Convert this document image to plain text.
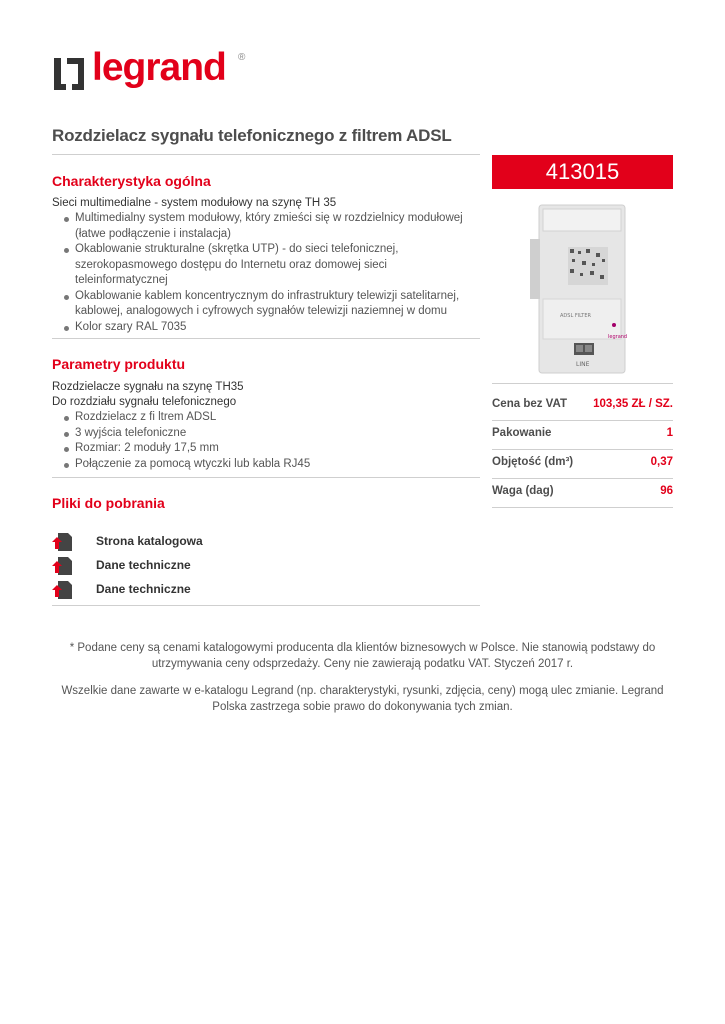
legrand ®
Rozdzielacz sygnału telefonicznego z filtrem ADSL
413015
ADSL FILTER
legrand
LINE
Charakterystyka ogólna
Sieci multimedialne - system modułowy na szynę TH 35
Multimedialny system modułowy, który zmieści się w rozdzielnicy modułowej (łatwe podłączenie i instalacja)
Okablowanie strukturalne (skrętka UTP) - do sieci telefonicznej, szerokopasmowego dostępu do Internetu oraz domowej sieci teleinformatycznej
Okablowanie kablem koncentrycznym do infrastruktury telewizji satelitarnej, kablowej, analogowych i cyfrowych sygnałów telewizji naziemnej w domu
Kolor szary RAL 7035
Parametry produktu
Rozdzielacze sygnału na szynę TH35
Do rozdziału sygnału telefonicznego
Rozdzielacz z fi ltrem ADSL
3 wyjścia telefoniczne
Rozmiar: 2 moduły 17,5 mm
Połączenie za pomocą wtyczki lub kabla RJ45
Cena bez VAT 103,35 ZŁ / SZ.
Pakowanie	1
Objętość (dm³)	0,37
Waga (dag)	96
Pliki do pobrania
Strona katalogowa
Dane techniczne
Dane techniczne
* Podane ceny są cenami katalogowymi producenta dla klientów biznesowych w Polsce. Nie stanowią podstawy do utrzymywania ceny odsprzedaży. Ceny nie zawierają podatku VAT. Styczeń 2017 r.
Wszelkie dane zawarte w e-katalogu Legrand (np. charakterystyki, rysunki, zdjęcia, ceny) mogą ulec zmianie. Legrand Polska zastrzega sobie prawo do dokonywania tych zmian.
